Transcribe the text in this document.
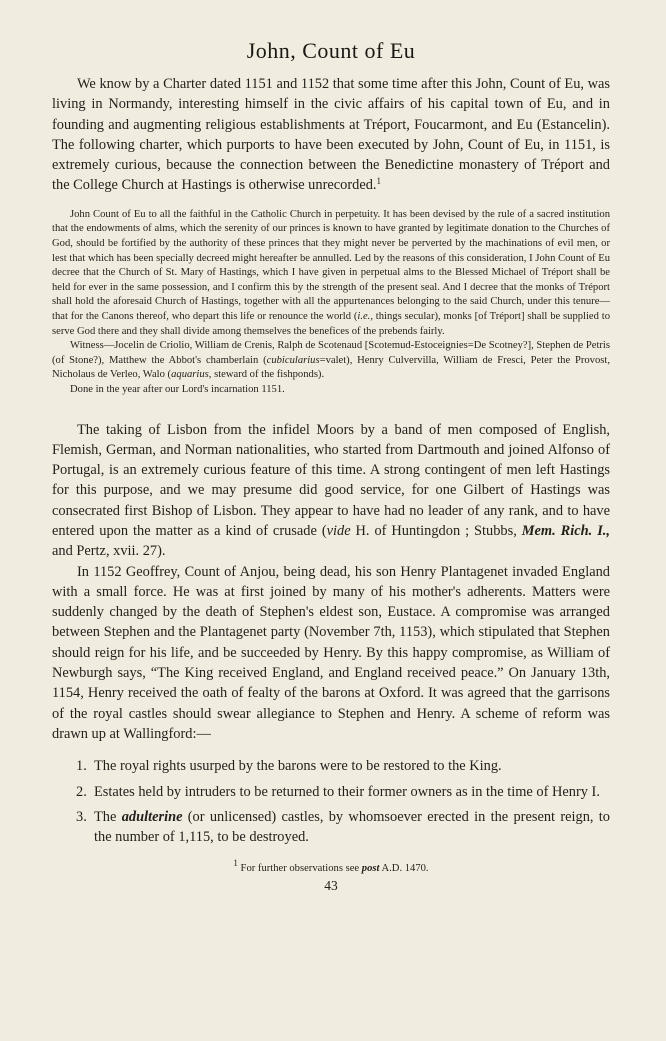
John, Count of Eu

We know by a Charter dated 1151 and 1152 that some time after this John, Count of Eu, was living in Normandy, interesting himself in the civic affairs of his capital town of Eu, and in founding and augmenting religious establishments at Tréport, Foucarmont, and Eu (Estancelin). The following charter, which purports to have been executed by John, Count of Eu, in 1151, is extremely curious, because the connection between the Benedictine monastery of Tréport and the College Church at Hastings is otherwise unrecorded.$^1$

John Count of Eu to all the faithful in the Catholic Church in perpetuity. It has been devised by the rule of a sacred institution that the endowments of alms, which the serenity of our princes is known to have granted by legitimate donation to the Churches of God, should be fortified by the authority of these princes that they might never be perverted by the machinations of evil men, or lest that which has been specially decreed might hereafter be annulled. Led by the reasons of this consideration, I John Count of Eu decree that the Church of St. Mary of Hastings, which I have given in perpetual alms to the Blessed Michael of Tréport shall be held for ever in the same possession, and I confirm this by the strength of the present seal. And I decree that the monks of Tréport shall hold the aforesaid Church of Hastings, together with all the appurtenances belonging to the said Church, under this tenure—that for the Canons thereof, who depart this life or renounce the world (i.e., things secular), monks [of Tréport] shall be supplied to serve God there and they shall divide among themselves the benefices of the prebends fairly.

Witness—Jocelin de Criolio, William de Crenis, Ralph de Scotenaud [Scotemud-Estoceignies=De Scotney?], Stephen de Petris (of Stone?), Matthew the Abbot's chamberlain (cubicularius=valet), Henry Culvervilla, William de Fresci, Peter the Provost, Nicholaus de Verleo, Walo (aquarius, steward of the fishponds).

Done in the year after our Lord's incarnation 1151.

The taking of Lisbon from the infidel Moors by a band of men composed of English, Flemish, German, and Norman nationalities, who started from Dartmouth and joined Alfonso of Portugal, is an extremely curious feature of this time. A strong contingent of men left Hastings for this purpose, and we may presume did good service, for one Gilbert of Hastings was consecrated first Bishop of Lisbon. They appear to have had no leader of any rank, and to have entered upon the matter as a kind of crusade (vide H. of Huntingdon ; Stubbs, Mem. Rich. I., and Pertz, xvii. 27).

In 1152 Geoffrey, Count of Anjou, being dead, his son Henry Plantagenet invaded England with a small force. He was at first joined by many of his mother's adherents. Matters were suddenly changed by the death of Stephen's eldest son, Eustace. A compromise was arranged between Stephen and the Plantagenet party (November 7th, 1153), which stipulated that Stephen should reign for his life, and be succeeded by Henry. By this happy compromise, as William of Newburgh says, “The King received England, and England received peace.” On January 13th, 1154, Henry received the oath of fealty of the barons at Oxford. It was agreed that the garrisons of the royal castles should swear allegiance to Stephen and Henry. A scheme of reform was drawn up at Wallingford:—

1. The royal rights usurped by the barons were to be restored to the King.
2. Estates held by intruders to be returned to their former owners as in the time of Henry I.
3. The adulterine (or unlicensed) castles, by whomsoever erected in the present reign, to the number of 1,115, to be destroyed.

$^1$ For further observations see post A.D. 1470.

43
